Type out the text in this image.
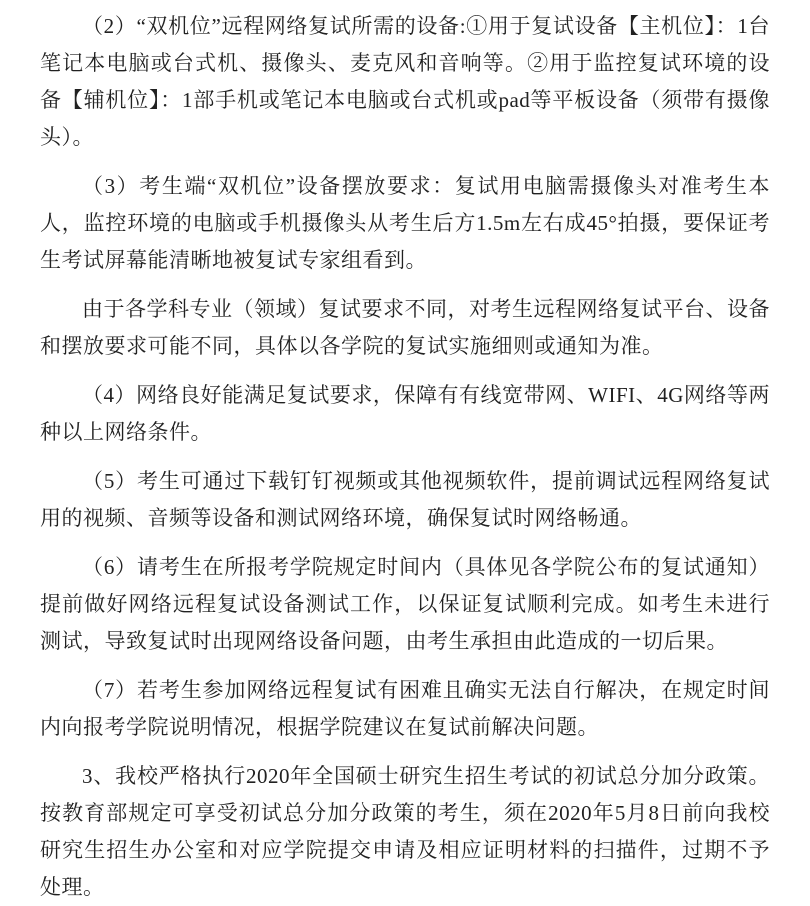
（2）“双机位”远程网络复试所需的设备:①用于复试设备【主机位】：1台笔记本电脑或台式机、摄像头、麦克风和音响等。②用于监控复试环境的设备【辅机位】：1部手机或笔记本电脑或台式机或pad等平板设备（须带有摄像头）。

（3）考生端“双机位”设备摆放要求：复试用电脑需摄像头对准考生本人，监控环境的电脑或手机摄像头从考生后方1.5m左右成45°拍摄，要保证考生考试屏幕能清晰地被复试专家组看到。

由于各学科专业（领域）复试要求不同，对考生远程网络复试平台、设备和摆放要求可能不同，具体以各学院的复试实施细则或通知为准。

（4）网络良好能满足复试要求，保障有有线宽带网、WIFI、4G网络等两种以上网络条件。

（5）考生可通过下载钉钉视频或其他视频软件，提前调试远程网络复试用的视频、音频等设备和测试网络环境，确保复试时网络畅通。

（6）请考生在所报考学院规定时间内（具体见各学院公布的复试通知）提前做好网络远程复试设备测试工作，以保证复试顺利完成。如考生未进行测试，导致复试时出现网络设备问题，由考生承担由此造成的一切后果。

（7）若考生参加网络远程复试有困难且确实无法自行解决，在规定时间内向报考学院说明情况，根据学院建议在复试前解决问题。

3、我校严格执行2020年全国硕士研究生招生考试的初试总分加分政策。按教育部规定可享受初试总分加分政策的考生，须在2020年5月8日前向我校研究生招生办公室和对应学院提交申请及相应证明材料的扫描件，过期不予处理。
